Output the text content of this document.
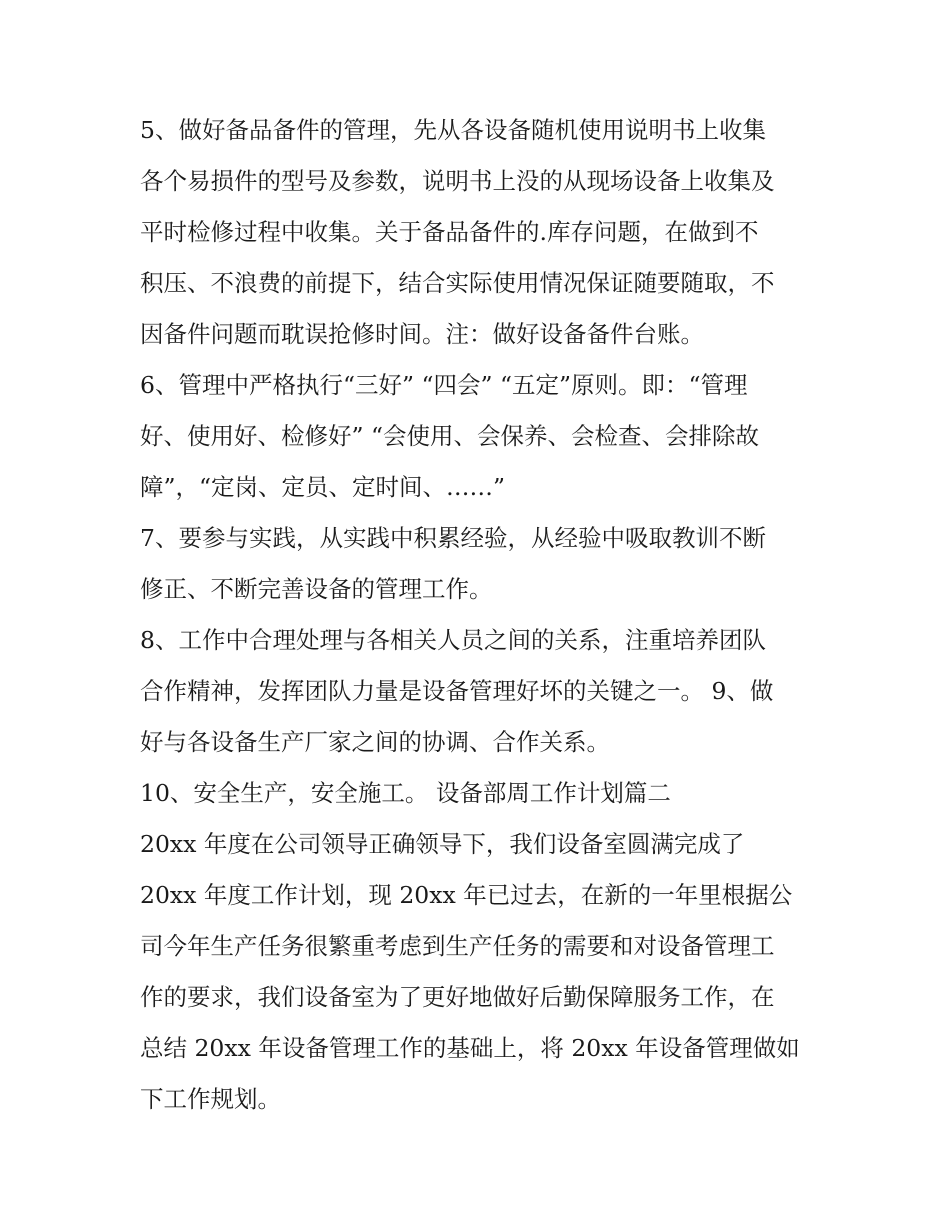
5、做好备品备件的管理，先从各设备随机使用说明书上收集
各个易损件的型号及参数，说明书上没的从现场设备上收集及
平时检修过程中收集。关于备品备件的.库存问题，在做到不
积压、不浪费的前提下，结合实际使用情况保证随要随取，不
因备件问题而耽误抢修时间。注：做好设备备件台账。
6、管理中严格执行“三好” “四会” “五定”原则。即：“管理
好、使用好、检修好” “会使用、会保养、会检查、会排除故
障”，“定岗、定员、定时间、……”
7、要参与实践，从实践中积累经验，从经验中吸取教训不断
修正、不断完善设备的管理工作。
8、工作中合理处理与各相关人员之间的关系，注重培养团队
合作精神，发挥团队力量是设备管理好坏的关键之一。 9、做
好与各设备生产厂家之间的协调、合作关系。
10、安全生产，安全施工。 设备部周工作计划篇二
20xx 年度在公司领导正确领导下，我们设备室圆满完成了
20xx 年度工作计划，现 20xx 年已过去，在新的一年里根据公
司今年生产任务很繁重考虑到生产任务的需要和对设备管理工
作的要求，我们设备室为了更好地做好后勤保障服务工作，在
总结 20xx 年设备管理工作的基础上，将 20xx 年设备管理做如
下工作规划。
